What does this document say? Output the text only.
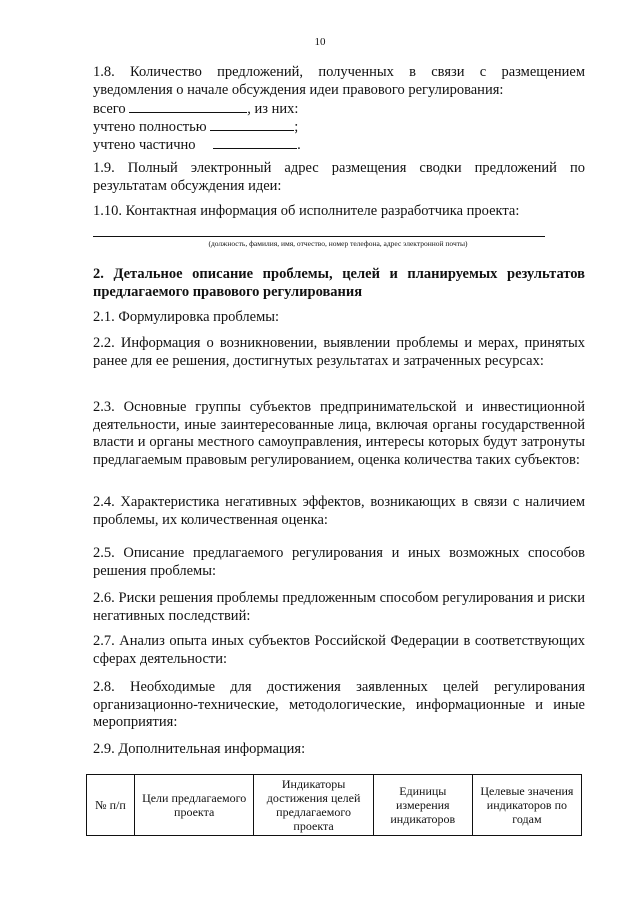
10

1.8. Количество предложений, полученных в связи с размещением уведомления о начале обсуждения идеи правового регулирования:

всего	, из них:
учтено полностью	;
учтено частично	.

1.9. Полный электронный адрес размещения сводки предложений по результатам обсуждения идеи:

1.10. Контактная информация об исполнителе разработчика проекта:

(должность, фамилия, имя, отчество, номер телефона, адрес электронной почты)

2. Детальное описание проблемы, целей и планируемых результатов предлагаемого правового регулирования

2.1. Формулировка проблемы:

2.2. Информация о возникновении, выявлении проблемы и мерах, принятых ранее для ее решения, достигнутых результатах и затраченных ресурсах:

2.3. Основные группы субъектов предпринимательской и инвестиционной деятельности, иные заинтересованные лица, включая органы государственной власти и органы местного самоуправления, интересы которых будут затронуты предлагаемым правовым регулированием, оценка количества таких субъектов:

2.4. Характеристика негативных эффектов, возникающих в связи с наличием проблемы, их количественная оценка:

2.5. Описание предлагаемого регулирования и иных возможных способов решения проблемы:

2.6. Риски решения проблемы предложенным способом регулирования и риски негативных последствий:

2.7. Анализ опыта иных субъектов Российской Федерации в соответствующих сферах деятельности:

2.8. Необходимые для достижения заявленных целей регулирования организационно-технические, методологические, информационные и иные мероприятия:

2.9. Дополнительная информация:

№ п/п	Цели предлагаемого проекта	Индикаторы достижения целей предлагаемого проекта	Единицы измерения индикаторов	Целевые значения индикаторов по годам
